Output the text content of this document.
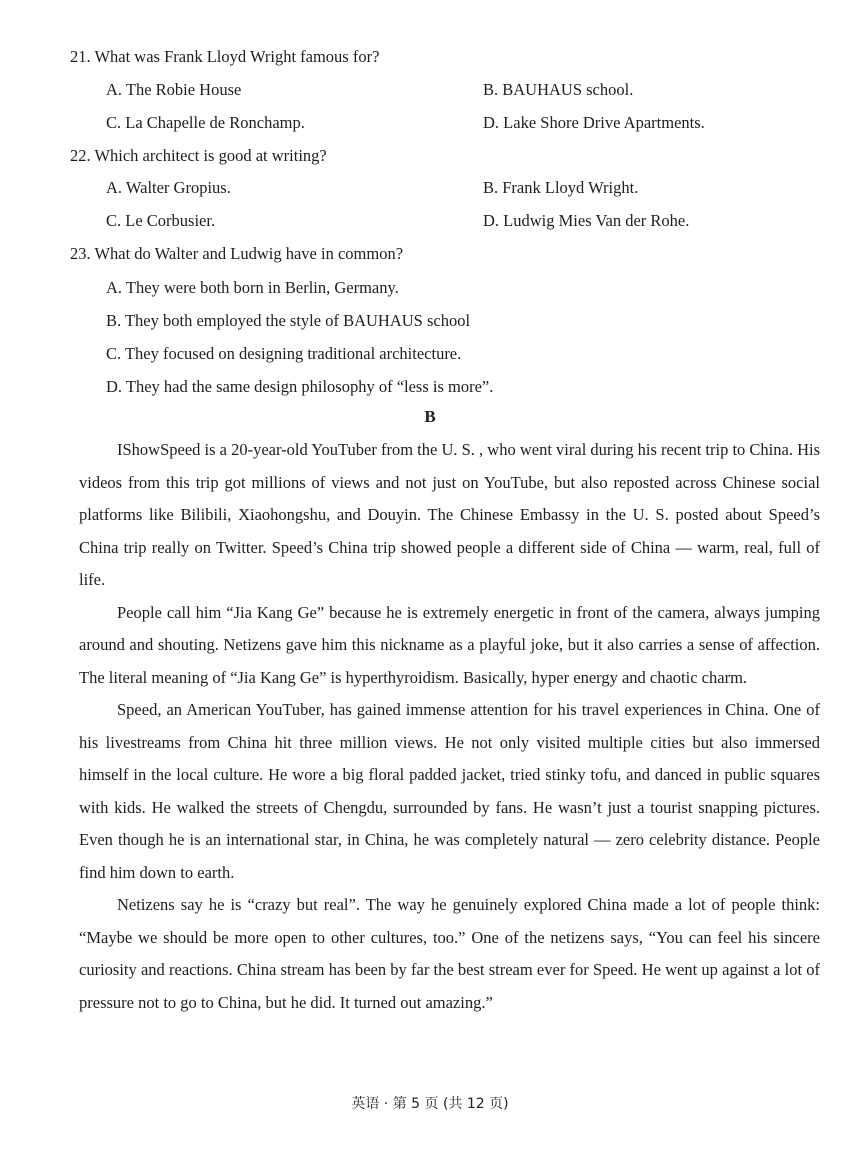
21. What was Frank Lloyd Wright famous for?
A. The Robie House	B. BAUHAUS school.
C. La Chapelle de Ronchamp.	D. Lake Shore Drive Apartments.
22. Which architect is good at writing?
A. Walter Gropius.	B. Frank Lloyd Wright.
C. Le Corbusier.	D. Ludwig Mies Van der Rohe.
23. What do Walter and Ludwig have in common?
A. They were both born in Berlin, Germany.
B. They both employed the style of BAUHAUS school
C. They focused on designing traditional architecture.
D. They had the same design philosophy of “less is more”.
B

IShowSpeed is a 20-year-old YouTuber from the U. S. , who went viral during his recent trip to China. His videos from this trip got millions of views and not just on YouTube, but also reposted across Chinese social platforms like Bilibili, Xiaohongshu, and Douyin. The Chinese Embassy in the U. S. posted about Speed’s China trip really on Twitter. Speed’s China trip showed people a different side of China — warm, real, full of life.

People call him “Jia Kang Ge” because he is extremely energetic in front of the camera, always jumping around and shouting. Netizens gave him this nickname as a playful joke, but it also carries a sense of affection. The literal meaning of “Jia Kang Ge” is hyperthyroidism. Basically, hyper energy and chaotic charm.

Speed, an American YouTuber, has gained immense attention for his travel experiences in China. One of his livestreams from China hit three million views. He not only visited multiple cities but also immersed himself in the local culture. He wore a big floral padded jacket, tried stinky tofu, and danced in public squares with kids. He walked the streets of Chengdu, surrounded by fans. He wasn’t just a tourist snapping pictures. Even though he is an international star, in China, he was completely natural — zero celebrity distance. People find him down to earth.

Netizens say he is “crazy but real”. The way he genuinely explored China made a lot of people think: “Maybe we should be more open to other cultures, too.” One of the netizens says, “You can feel his sincere curiosity and reactions. China stream has been by far the best stream ever for Speed. He went up against a lot of pressure not to go to China, but he did. It turned out amazing.”

英语 · 第 5 页 (共 12 页)
